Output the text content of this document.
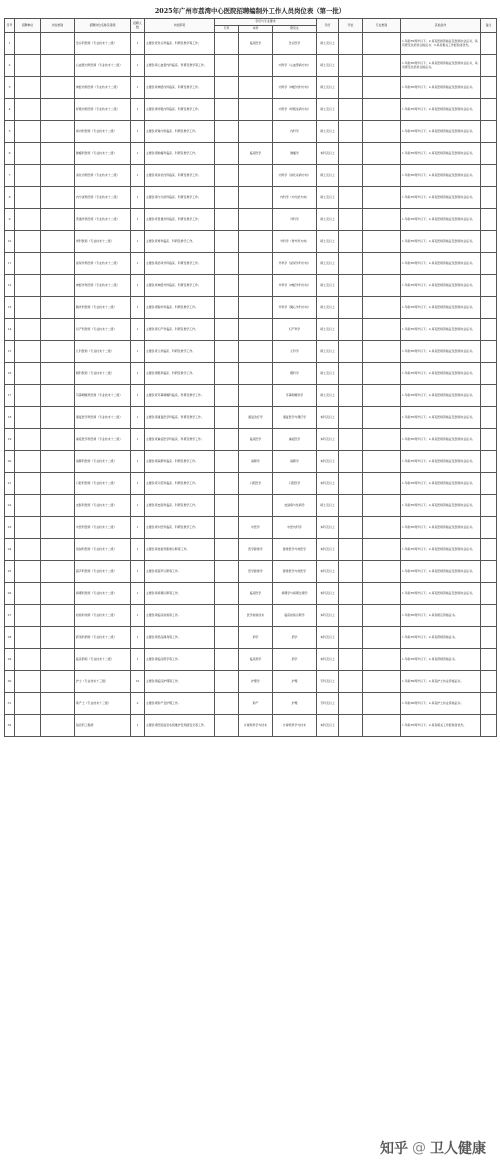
2025年广州市荔湾中心医院招聘编制外工作人员岗位表（第一批）
序号	招聘单位	岗位类别	招聘岗位名称及等级	招聘人数	岗位职责	学历与专业要求			学历	学位	专业类别	其他条件	备注
						专科	本科	研究生					
1			急诊科医师（专业技术十二级）	1	主要负责急诊科临床、科研及教学等工作。		临床医学	急诊医学	硕士及以上			1.年龄35周岁以下；2.具有医师资格证及医师执业证书，具有规范化培训合格证书；3.具有相关工作经验者优先。	
2			心血管内科医师（专业技术十二级）	1	主要负责心血管内科临床、科研及教学等工作。			内科学（心血管病方向）	硕士及以上			1.年龄35周岁以下；2.具有医师资格证及医师执业证书，具有规范化培训合格证书。	
3			神经内科医师（专业技术十二级）	1	主要负责神经内科临床、科研及教学工作。			内科学（神经内科方向）	硕士及以上			1.年龄35周岁以下；2.具有医师资格证及医师执业证书。	
4			呼吸内科医师（专业技术十二级）	1	主要负责呼吸内科临床、科研及教学工作。			内科学（呼吸系病方向）	硕士及以上			1.年龄35周岁以下；2.具有医师资格证及医师执业证书。	
5			肾内科医师（专业技术十二级）	1	主要负责肾内科临床、科研及教学工作。			内科学	硕士及以上			1.年龄35周岁以下；2.具有医师资格证及医师执业证书。	
6			肿瘤科医师（专业技术十二级）	1	主要负责肿瘤科临床、科研及教学工作。		临床医学	肿瘤学	本科及以上			1.年龄35周岁以下；2.具有医师资格证及医师执业证书。	
7			消化内科医师（专业技术十二级）	1	主要负责消化内科临床、科研及教学工作。			内科学（消化系病方向）	硕士及以上			1.年龄35周岁以下；2.具有医师资格证及医师执业证书。	
8			内分泌科医师（专业技术十二级）	1	主要负责内分泌科临床、科研及教学工作。			内科学（内分泌方向）	硕士及以上			1.年龄35周岁以下；2.具有医师资格证及医师执业证书。	
9			普通外科医师（专业技术十二级）	1	主要负责普通外科临床、科研及教学工作。			外科学	硕士及以上			1.年龄35周岁以下；2.具有医师资格证及医师执业证书。	
10			骨科医师（专业技术十二级）	1	主要负责骨科临床、科研及教学工作。			外科学（骨外科方向）	硕士及以上			1.年龄35周岁以下；2.具有医师资格证及医师执业证书。	
11			泌尿外科医师（专业技术十二级）	1	主要负责泌尿外科临床、科研及教学工作。			外科学（泌尿外科方向）	硕士及以上			1.年龄35周岁以下；2.具有医师资格证及医师执业证书。	
12			神经外科医师（专业技术十二级）	1	主要负责神经外科临床、科研及教学工作。			外科学（神经外科方向）	硕士及以上			1.年龄35周岁以下；2.具有医师资格证及医师执业证书。	
13			胸外科医师（专业技术十二级）	1	主要负责胸外科临床、科研及教学工作。			外科学（胸心外科方向）	硕士及以上			1.年龄35周岁以下；2.具有医师资格证及医师执业证书。	
14			妇产科医师（专业技术十二级）	1	主要负责妇产科临床、科研及教学工作。			妇产科学	硕士及以上			1.年龄35周岁以下；2.具有医师资格证及医师执业证书。	
15			儿科医师（专业技术十二级）	1	主要负责儿科临床、科研及教学工作。			儿科学	硕士及以上			1.年龄35周岁以下；2.具有医师资格证及医师执业证书。	
16			眼科医师（专业技术十二级）	1	主要负责眼科临床、科研及教学工作。			眼科学	硕士及以上			1.年龄35周岁以下；2.具有医师资格证及医师执业证书。	
17			耳鼻咽喉科医师（专业技术十二级）	1	主要负责耳鼻咽喉科临床、科研及教学工作。			耳鼻咽喉科学	硕士及以上			1.年龄35周岁以下；2.具有医师资格证及医师执业证书。	
18			康复医学科医师（专业技术十二级）	1	主要负责康复医学科临床、科研及教学工作。		康复治疗学	康复医学与理疗学	本科及以上			1.年龄35周岁以下；2.具有医师资格证及医师执业证书。	
19			重症医学科医师（专业技术十二级）	1	主要负责重症医学科临床、科研及教学工作。		临床医学	重症医学	本科及以上			1.年龄35周岁以下；2.具有医师资格证及医师执业证书。	
20			麻醉科医师（专业技术十二级）	1	主要负责麻醉科临床、科研及教学工作。		麻醉学	麻醉学	本科及以上			1.年龄35周岁以下；2.具有医师资格证及医师执业证书。	
21			口腔科医师（专业技术十二级）	1	主要负责口腔科临床、科研及教学工作。		口腔医学	口腔医学	本科及以上			1.年龄35周岁以下；2.具有医师资格证及医师执业证书。	
22			皮肤科医师（专业技术十二级）	1	主要负责皮肤科临床、科研及教学工作。			皮肤病与性病学	硕士及以上			1.年龄35周岁以下；2.具有医师资格证及医师执业证书。	
23			中医科医师（专业技术十二级）	1	主要负责中医科临床、科研及教学工作。		中医学	中医内科学	本科及以上			1.年龄35周岁以下；2.具有医师资格证及医师执业证书。	
24			放射科医师（专业技术十二级）	1	主要负责放射科影像诊断等工作。		医学影像学	影像医学与核医学	本科及以上			1.年龄35周岁以下；2.具有医师资格证及医师执业证书。	
25			超声科医师（专业技术十二级）	1	主要负责超声诊断等工作。		医学影像学	影像医学与核医学	本科及以上			1.年龄35周岁以下；2.具有医师资格证及医师执业证书。	
26			病理科医师（专业技术十二级）	1	主要负责病理诊断等工作。		临床医学	病理学与病理生理学	本科及以上			1.年龄35周岁以下；2.具有医师资格证及医师执业证书。	
27			检验科技师（专业技术十二级）	1	主要负责临床检验等工作。		医学检验技术	临床检验诊断学	本科及以上			1.年龄35周岁以下；2.具有相应资格证书。	
28			药剂科药师（专业技术十二级）	1	主要负责药品调剂等工作。		药学	药学	本科及以上			1.年龄35周岁以下；2.具有药师资格证书。	
29			临床药师（专业技术十二级）	1	主要负责临床药学等工作。		临床药学	药学	本科及以上			1.年龄35周岁以下；2.具有药师资格证书。	
30			护士（专业技术十三级）	10	主要负责临床护理等工作。		护理学	护理	专科及以上			1.年龄30周岁以下；2.具有护士执业资格证书。	
31			助产士（专业技术十三级）	2	主要负责助产及护理工作。		助产	护理	专科及以上			1.年龄30周岁以下；2.具有护士执业资格证书。	
32			信息科工程师	1	主要负责医院信息系统维护及网络安全等工作。		计算机科学与技术	计算机科学与技术	本科及以上			1.年龄35周岁以下；2.具有相关工作经验者优先。	
知乎 @ 卫人健康
